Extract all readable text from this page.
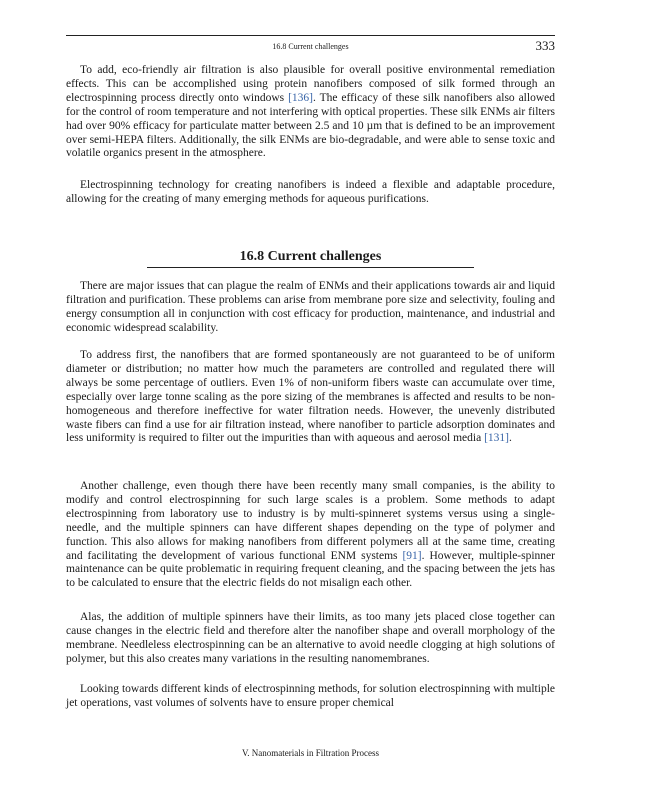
16.8 Current challenges	333

To add, eco-friendly air filtration is also plausible for overall positive environmental remediation effects. This can be accomplished using protein nanofibers composed of silk formed through an electrospinning process directly onto windows [136]. The efficacy of these silk nanofibers also allowed for the control of room temperature and not interfering with optical properties. These silk ENMs air filters had over 90% efficacy for particulate matter between 2.5 and 10 µm that is defined to be an improvement over semi-HEPA filters. Additionally, the silk ENMs are bio-degradable, and were able to sense toxic and volatile organics present in the atmosphere.

Electrospinning technology for creating nanofibers is indeed a flexible and adaptable procedure, allowing for the creating of many emerging methods for aqueous purifications.

16.8 Current challenges

There are major issues that can plague the realm of ENMs and their applications towards air and liquid filtration and purification. These problems can arise from membrane pore size and selectivity, fouling and energy consumption all in conjunction with cost efficacy for production, maintenance, and industrial and economic widespread scalability.

To address first, the nanofibers that are formed spontaneously are not guaranteed to be of uniform diameter or distribution; no matter how much the parameters are controlled and regulated there will always be some percentage of outliers. Even 1% of non-uniform fibers waste can accumulate over time, especially over large tonne scaling as the pore sizing of the membranes is affected and results to be non-homogeneous and therefore ineffective for water filtration needs. However, the unevenly distributed waste fibers can find a use for air filtration instead, where nanofiber to particle adsorption dominates and less uniformity is required to filter out the impurities than with aqueous and aerosol media [131].

Another challenge, even though there have been recently many small companies, is the ability to modify and control electrospinning for such large scales is a problem. Some methods to adapt electrospinning from laboratory use to industry is by multi-spinneret systems versus using a single-needle, and the multiple spinners can have different shapes depending on the type of polymer and function. This also allows for making nanofibers from different polymers all at the same time, creating and facilitating the development of various functional ENM systems [91]. However, multiple-spinner maintenance can be quite problematic in requiring frequent cleaning, and the spacing between the jets has to be calculated to ensure that the electric fields do not misalign each other.

Alas, the addition of multiple spinners have their limits, as too many jets placed close together can cause changes in the electric field and therefore alter the nanofiber shape and overall morphology of the membrane. Needleless electrospinning can be an alternative to avoid needle clogging at high solutions of polymer, but this also creates many variations in the resulting nanomembranes.

Looking towards different kinds of electrospinning methods, for solution electrospinning with multiple jet operations, vast volumes of solvents have to ensure proper chemical

V. Nanomaterials in Filtration Process
